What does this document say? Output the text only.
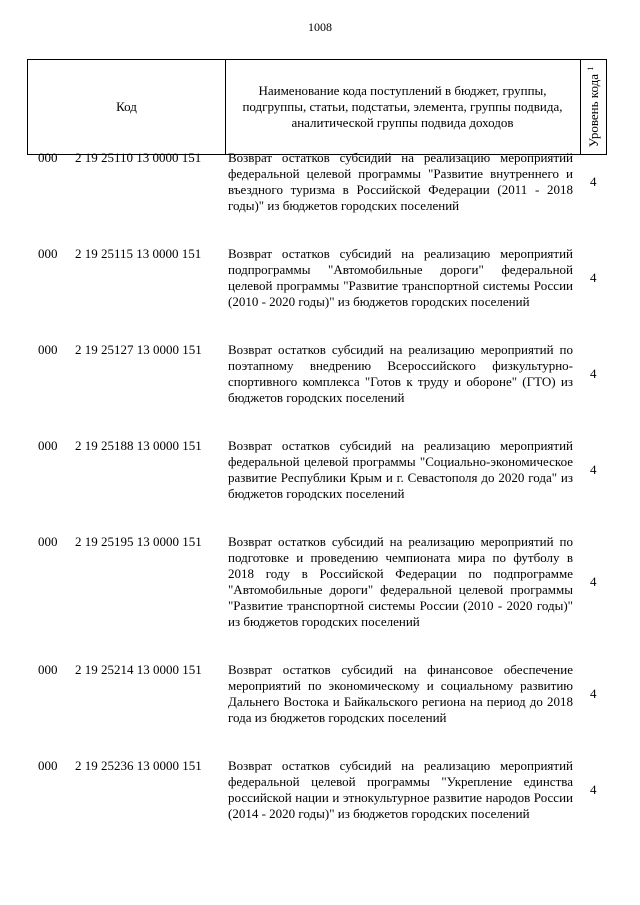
1008
Код
Наименование кода поступлений в бюджет, группы, подгруппы, статьи, подстатьи, элемента, группы подвида, аналитической группы подвида доходов	Уровень кода $^1$
000 2 19 25110 13 0000 151 Возврат остатков субсидий на реализацию мероприятий федеральной целевой программы "Развитие внутреннего и въездного туризма в Российской Федерации (2011 - 2018 годы)" из бюджетов городских поселений
4
000 2 19 25115 13 0000 151 Возврат остатков субсидий на реализацию мероприятий подпрограммы "Автомобильные дороги" федеральной целевой программы "Развитие транспортной системы России (2010 - 2020 годы)" из бюджетов городских поселений
4
000 2 19 25127 13 0000 151 Возврат остатков субсидий на реализацию мероприятий по поэтапному внедрению Всероссийского физкультурно-спортивного комплекса "Готов к труду и обороне" (ГТО) из бюджетов городских поселений
4
000 2 19 25188 13 0000 151 Возврат остатков субсидий на реализацию мероприятий федеральной целевой программы "Социально-экономическое развитие Республики Крым и г. Севастополя до 2020 года" из бюджетов городских поселений
4
000 2 19 25195 13 0000 151 Возврат остатков субсидий на реализацию мероприятий по подготовке и проведению чемпионата мира по футболу в 2018 году в Российской Федерации по подпрограмме "Автомобильные дороги" федеральной целевой программы "Развитие транспортной системы России (2010 - 2020 годы)" из бюджетов городских поселений
4
000 2 19 25214 13 0000 151 Возврат остатков субсидий на финансовое обеспечение мероприятий по экономическому и социальному развитию Дальнего Востока и Байкальского региона на период до 2018 года из бюджетов городских поселений
4
000 2 19 25236 13 0000 151 Возврат остатков субсидий на реализацию мероприятий федеральной целевой программы "Укрепление единства российской нации и этнокультурное развитие народов России (2014 - 2020 годы)" из бюджетов городских поселений
4
